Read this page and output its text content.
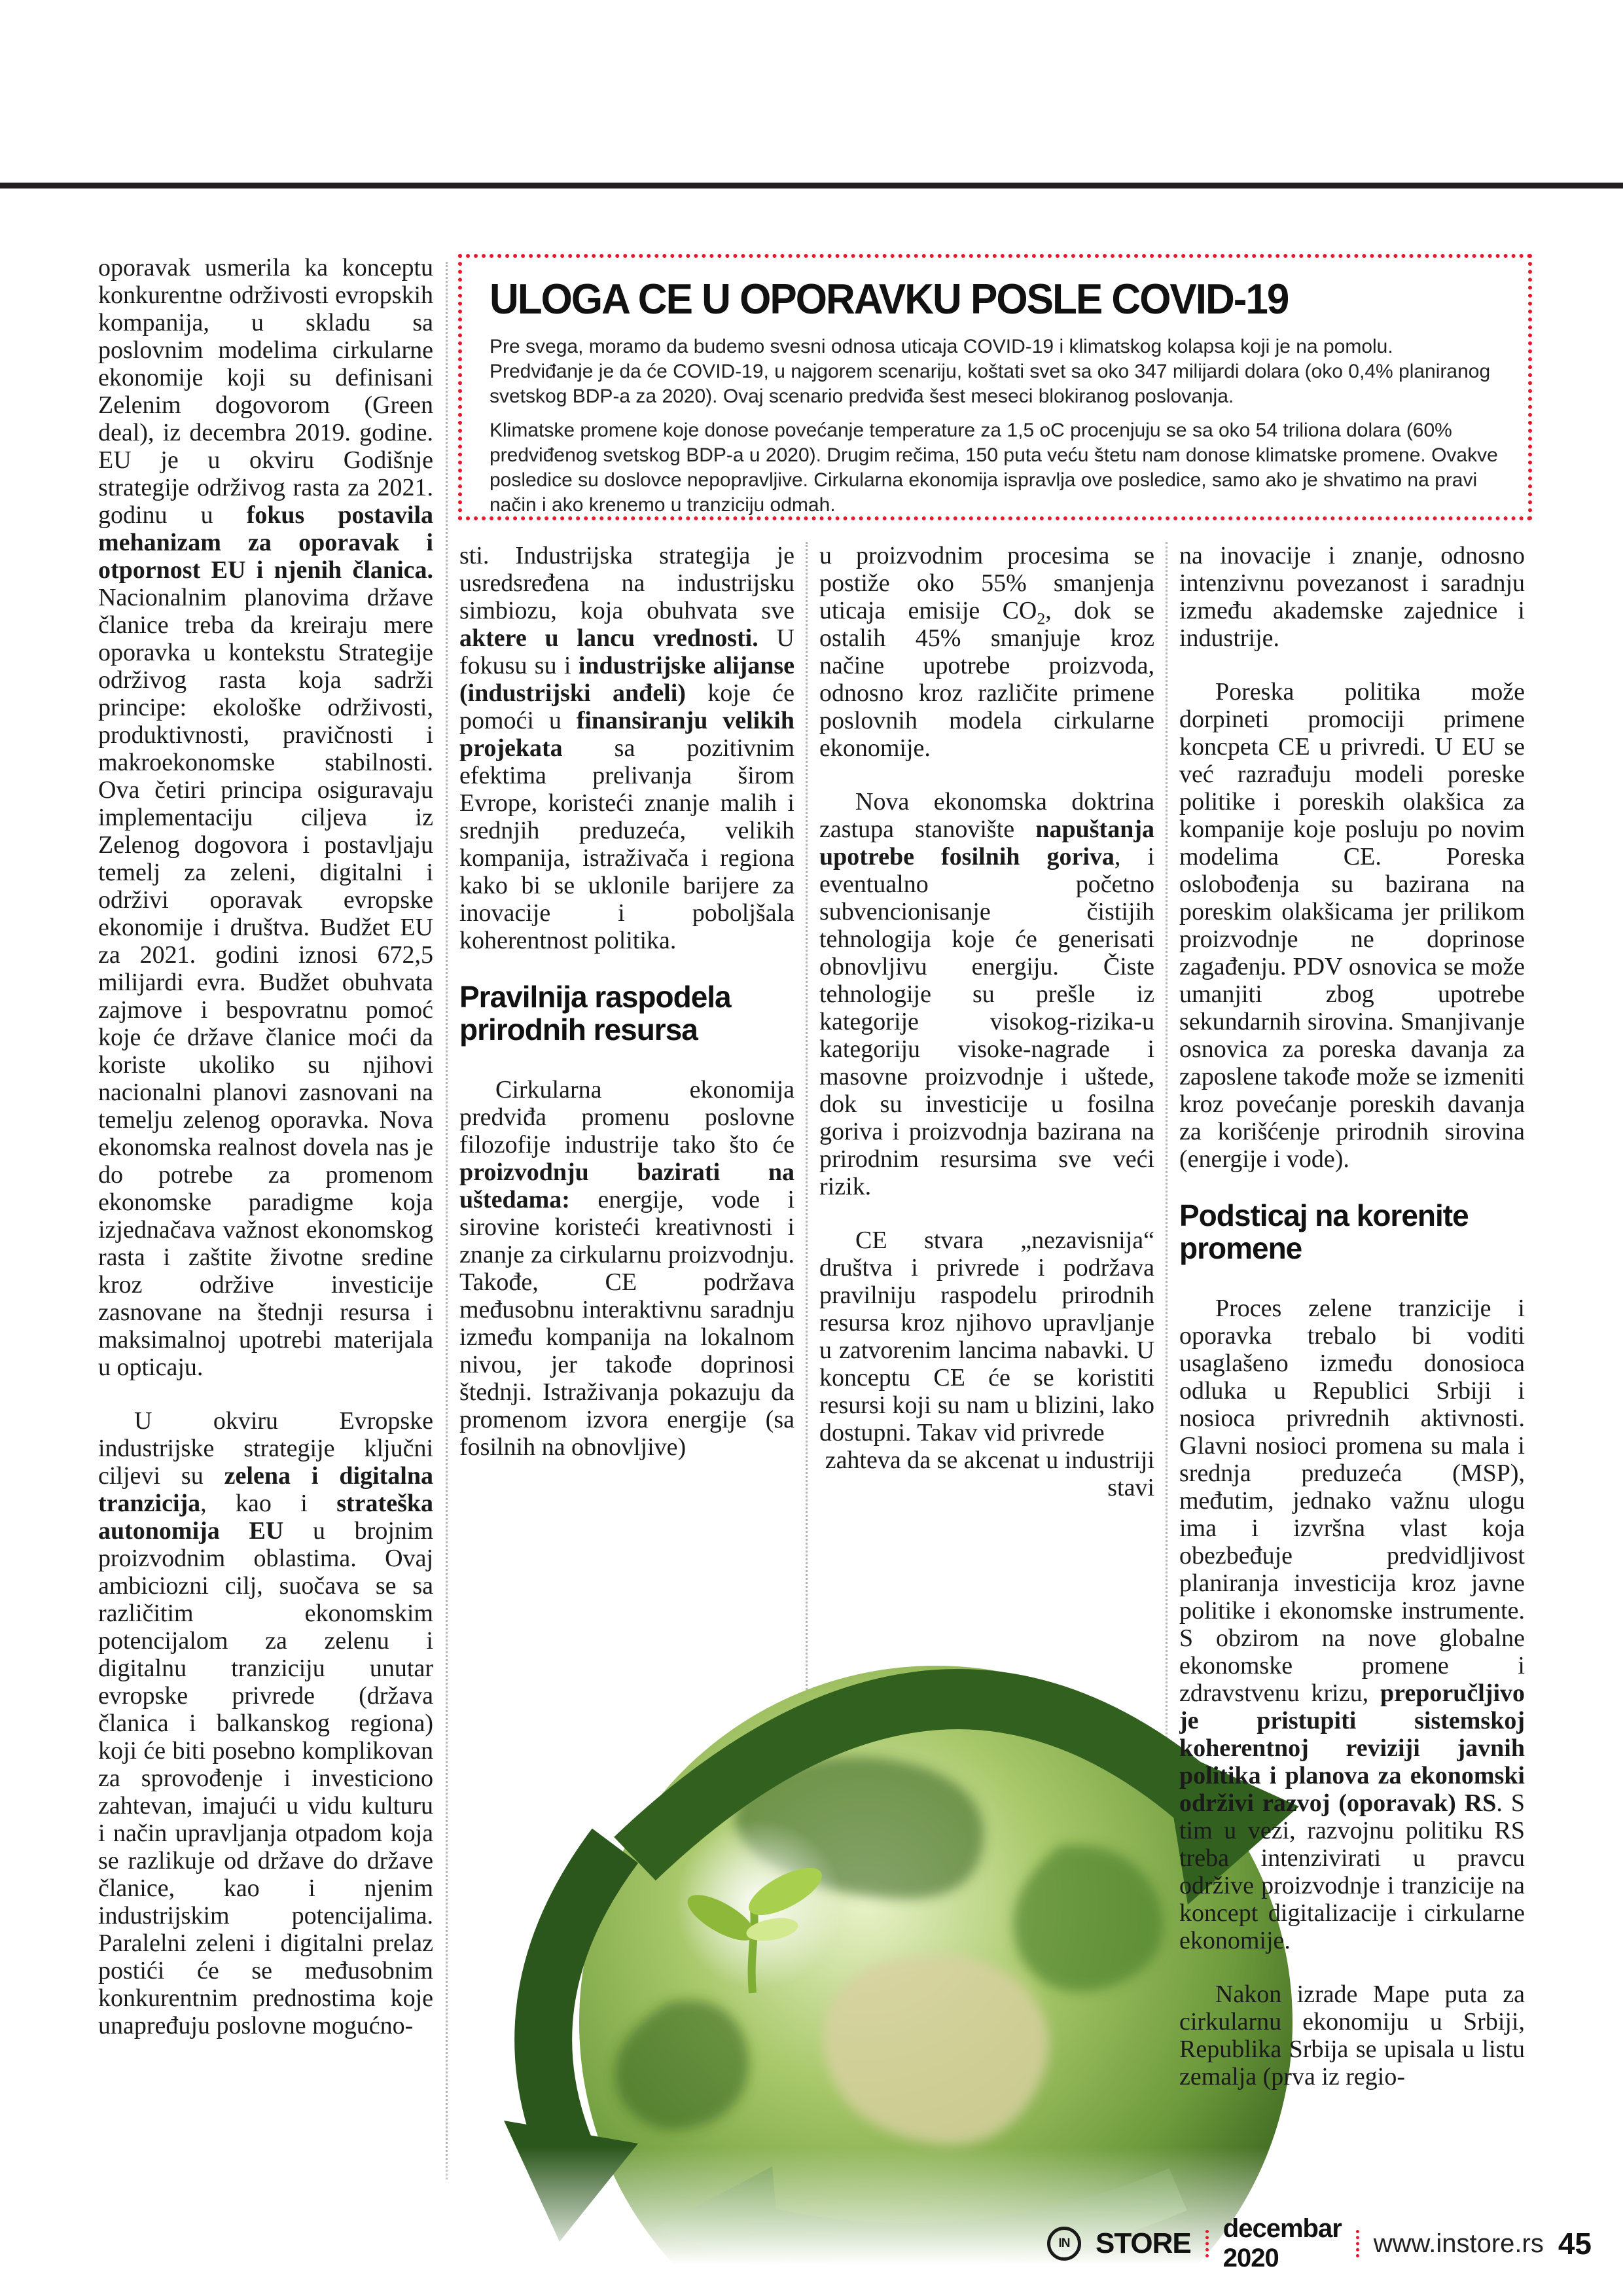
ULOGA CE U OPORAVKU POSLE COVID-19

Pre svega, moramo da budemo svesni odnosa uticaja COVID-19 i klimatskog kolapsa koji je na pomolu. Predviđanje je da će COVID-19, u najgorem scenariju, koštati svet sa oko 347 milijardi dolara (oko 0,4% planiranog svetskog BDP-a za 2020). Ovaj scenario predviđa šest meseci blokiranog poslovanja.

Klimatske promene koje donose povećanje temperature za 1,5 oC procenjuju se sa oko 54 triliona dolara (60% predviđenog svetskog BDP-a u 2020). Drugim rečima, 150 puta veću štetu nam donose klimatske promene. Ovakve posledice su doslovce nepopravljive. Cirkularna ekonomija ispravlja ove posledice, samo ako je shvatimo na pravi način i ako krenemo u tranziciju odmah.

oporavak usmerila ka konceptu konkurentne održivosti evropskih kompanija, u skladu sa poslovnim modelima cirkularne ekonomije koji su definisani Zelenim dogovorom (Green deal), iz decembra 2019. godine. EU je u okviru Godišnje strategije održivog rasta za 2021. godinu u fokus postavila mehanizam za oporavak i otpornost EU i njenih članica. Nacionalnim planovima države članice treba da kreiraju mere oporavka u kontekstu Strategije održivog rasta koja sadrži principe: ekološke održivosti, produktivnosti, pravičnosti i makroekonomske stabilnosti. Ova četiri principa osiguravaju implementaciju ciljeva iz Zelenog dogovora i postavljaju temelj za zeleni, digitalni i održivi oporavak evropske ekonomije i društva. Budžet EU za 2021. godini iznosi 672,5 milijardi evra. Budžet obuhvata zajmove i bespovratnu pomoć koje će države članice moći da koriste ukoliko su njihovi nacionalni planovi zasnovani na temelju zelenog oporavka. Nova ekonomska realnost dovela nas je do potrebe za promenom ekonomske paradigme koja izjednačava važnost ekonomskog rasta i zaštite životne sredine kroz održive investicije zasnovane na štednji resursa i maksimalnoj upotrebi materijala u opticaju.

U okviru Evropske industrijske strategije ključni ciljevi su zelena i digitalna tranzicija, kao i strateška autonomija EU u brojnim proizvodnim oblastima. Ovaj ambiciozni cilj, suočava se sa različitim ekonomskim potencijalom za zelenu i digitalnu tranziciju unutar evropske privrede (država članica i balkanskog regiona) koji će biti posebno komplikovan za sprovođenje i investiciono zahtevan, imajući u vidu kulturu i način upravljanja otpadom koja se razlikuje od države do države članice, kao i njenim industrijskim potencijalima. Paralelni zeleni i digitalni prelaz postići će se međusobnim konkurentnim prednostima koje unapređuju poslovne mogućno-

sti. Industrijska strategija je usredsređena na industrijsku simbiozu, koja obuhvata sve aktere u lancu vrednosti. U fokusu su i industrijske alijanse (industrijski anđeli) koje će pomoći u finansiranju velikih projekata sa pozitivnim efektima prelivanja širom Evrope, koristeći znanje malih i srednjih preduzeća, velikih kompanija, istraživača i regiona kako bi se uklonile barijere za inovacije i poboljšala koherentnost politika.

Pravilnija raspodela prirodnih resursa

Cirkularna ekonomija predviđa promenu poslovne filozofije industrije tako što će proizvodnju bazirati na uštedama: energije, vode i sirovine koristeći kreativnosti i znanje za cirkularnu proizvodnju. Takođe, CE podržava međusobnu interaktivnu saradnju između kompanija na lokalnom nivou, jer takođe doprinosi štednji. Istraživanja pokazuju da promenom izvora energije (sa fosilnih na obnovljive)

u proizvodnim procesima se postiže oko 55% smanjenja uticaja emisije $CO_2$, dok se ostalih 45% smanjuje kroz načine upotrebe proizvoda, odnosno kroz različite primene poslovnih modela cirkularne ekonomije.

Nova ekonomska doktrina zastupa stanovište napuštanja upotrebe fosilnih goriva, i eventualno početno subvencionisanje čistijih tehnologija koje će generisati obnovljivu energiju. Čiste tehnologije su prešle iz kategorije visokog-rizika-u kategoriju visoke-nagrade i masovne proizvodnje i uštede, dok su investicije u fosilna goriva i proizvodnja bazirana na prirodnim resursima sve veći rizik.

CE stvara „nezavisnija“ društva i privrede i podržava pravilniju raspodelu prirodnih resursa kroz njihovo upravljanje u zatvorenim lancima nabavki. U konceptu CE će se koristiti resursi koji su nam u blizini, lako dostupni. Takav vid privrede

zahteva da se akcenat u industriji stavi

na inovacije i znanje, odnosno intenzivnu povezanost i saradnju između akademske zajednice i industrije.

Poreska politika može dorpineti promociji primene koncpeta CE u privredi. U EU se već razrađuju modeli poreske politike i poreskih olakšica za kompanije koje posluju po novim modelima CE. Poreska oslobođenja su bazirana na poreskim olakšicama jer prilikom proizvodnje ne doprinose zagađenju. PDV osnovica se može umanjiti zbog upotrebe sekundarnih sirovina. Smanjivanje osnovica za poreska davanja za zaposlene takođe može se izmeniti kroz povećanje poreskih davanja za korišćenje prirodnih sirovina (energije i vode).

Podsticaj na korenite promene

Proces zelene tranzicije i oporavka trebalo bi voditi usaglašeno između donosioca odluka u Republici Srbiji i nosioca privrednih aktivnosti. Glavni nosioci promena su mala i srednja preduzeća (MSP), međutim, jednako važnu ulogu ima i izvršna vlast koja obezbeđuje predvidljivost planiranja investicija kroz javne politike i ekonomske instrumente. S obzirom na nove globalne ekonomske promene i zdravstvenu krizu, preporučljivo je pristupiti sistemskoj koherentnoj reviziji javnih politika i planova za ekonomski održivi razvoj (oporavak) RS. S tim u vezi, razvojnu politiku RS treba intenzivirati u pravcu održive proizvodnje i tranzicije na koncept digitalizacije i cirkularne ekonomije.

Nakon izrade Mape puta za cirkularnu ekonomiju u Srbiji, Republika Srbija se upisala u listu zemalja (prva iz regio-

IN STORE decembar 2020
www.instore.rs 45
